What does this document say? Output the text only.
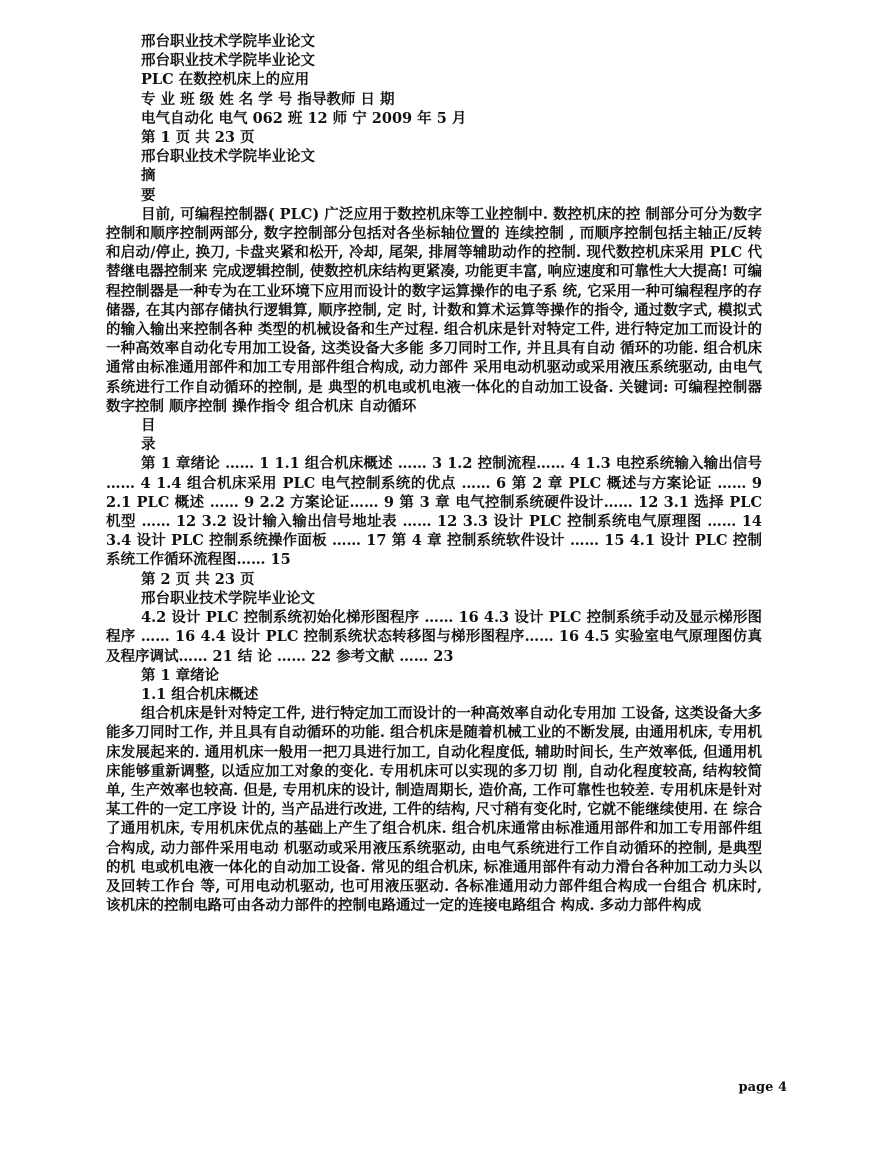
邢台职业技术学院毕业论文
邢台职业技术学院毕业论文
PLC 在数控机床上的应用
专 业 班 级 姓 名 学 号 指导教师 日 期
电气自动化 电气 062 班 12 师 宁 2009 年 5 月
第 1 页 共 23 页
邢台职业技术学院毕业论文
摘
要
目前, 可编程控制器( PLC) 广泛应用于数控机床等工业控制中. 数控机床的控 制部分可分为数字控制和顺序控制两部分, 数字控制部分包括对各坐标轴位置的 连续控制 , 而顺序控制包括主轴正/反转和启动/停止, 换刀, 卡盘夹紧和松开, 冷却, 尾架, 排屑等辅助动作的控制. 现代数控机床采用 PLC 代替继电器控制来 完成逻辑控制, 使数控机床结构更紧凑, 功能更丰富, 响应速度和可靠性大大提高! 可编程控制器是一种专为在工业环境下应用而设计的数字运算操作的电子系 统, 它采用一种可编程程序的存储器, 在其内部存储执行逻辑算, 顺序控制, 定 时, 计数和算术运算等操作的指令, 通过数字式, 模拟式的输入输出来控制各种 类型的机械设备和生产过程. 组合机床是针对特定工件, 进行特定加工而设计的 一种高效率自动化专用加工设备, 这类设备大多能 多刀同时工作, 并且具有自动 循环的功能. 组合机床通常由标准通用部件和加工专用部件组合构成, 动力部件 采用电动机驱动或采用液压系统驱动, 由电气系统进行工作自动循环的控制, 是 典型的机电或机电液一体化的自动加工设备. 关键词: 可编程控制器 数字控制 顺序控制 操作指令 组合机床 自动循环
目
录
第 1 章绪论 …… 1 1.1 组合机床概述 …… 3 1.2 控制流程…… 4 1.3 电控系统输入输出信号 …… 4 1.4 组合机床采用 PLC 电气控制系统的优点 …… 6 第 2 章 PLC 概述与方案论证 …… 9 2.1 PLC 概述 …… 9 2.2 方案论证…… 9 第 3 章 电气控制系统硬件设计…… 12 3.1 选择 PLC 机型 …… 12 3.2 设计输入输出信号地址表 …… 12 3.3 设计 PLC 控制系统电气原理图 …… 14 3.4 设计 PLC 控制系统操作面板 …… 17 第 4 章 控制系统软件设计 …… 15 4.1 设计 PLC 控制系统工作循环流程图…… 15
第 2 页 共 23 页
邢台职业技术学院毕业论文
4.2 设计 PLC 控制系统初始化梯形图程序 …… 16 4.3 设计 PLC 控制系统手动及显示梯形图程序 …… 16 4.4 设计 PLC 控制系统状态转移图与梯形图程序…… 16 4.5 实验室电气原理图仿真及程序调试…… 21 结 论 …… 22 参考文献 …… 23
第 1 章绪论
1.1 组合机床概述
组合机床是针对特定工件, 进行特定加工而设计的一种高效率自动化专用加 工设备, 这类设备大多能多刀同时工作, 并且具有自动循环的功能. 组合机床是随着机械工业的不断发展, 由通用机床, 专用机床发展起来的. 通用机床一般用一把刀具进行加工, 自动化程度低, 辅助时间长, 生产效率低, 但通用机床能够重新调整, 以适应加工对象的变化. 专用机床可以实现的多刀切 削, 自动化程度较高, 结构较简单, 生产效率也较高. 但是, 专用机床的设计, 制造周期长, 造价高, 工作可靠性也较差. 专用机床是针对某工件的一定工序设 计的, 当产品进行改进, 工件的结构, 尺寸稍有变化时, 它就不能继续使用. 在 综合了通用机床, 专用机床优点的基础上产生了组合机床. 组合机床通常由标准通用部件和加工专用部件组合构成, 动力部件采用电动 机驱动或采用液压系统驱动, 由电气系统进行工作自动循环的控制, 是典型的机 电或机电液一体化的自动加工设备. 常见的组合机床, 标准通用部件有动力滑台各种加工动力头以及回转工作台 等, 可用电动机驱动, 也可用液压驱动. 各标准通用动力部件组合构成一台组合 机床时, 该机床的控制电路可由各动力部件的控制电路通过一定的连接电路组合 构成. 多动力部件构成
page 4
